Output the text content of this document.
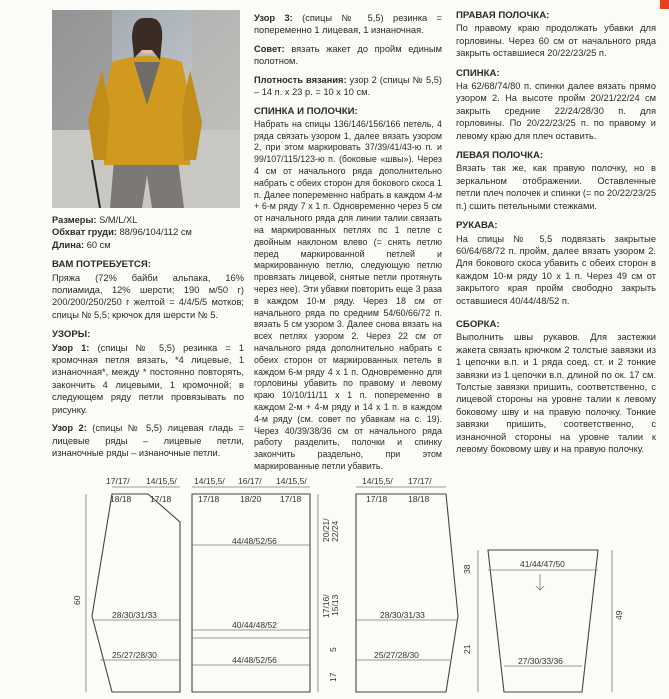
Размеры: S/M/L/XL

Обхват груди: 88/96/104/112 см

Длина: 60 см

ВАМ ПОТРЕБУЕТСЯ:

Пряжа (72% байби альпака, 16% полиамида, 12% шерсти; 190 м/50 г) 200/200/250/250 г желтой = 4/4/5/5 мотков; спицы № 5,5; крючок для шерсти № 5.

УЗОРЫ:

Узор 1: (спицы № 5,5) резинка = 1 кромочная петля вязать, *4 лицевые, 1 изнаночная*, между * постоянно повторять, закончить 4 лицевыми, 1 кромочной; в следующем ряду петли провязывать по рисунку.

Узор 2: (спицы № 5,5) лицевая гладь = лицевые ряды – лицевые петли, изнаночные ряды – изнаночные петли.

Узор 3: (спицы № 5,5) резинка = попеременно 1 лицевая, 1 изнаночная.

Совет: вязать жакет до пройм единым полотном.

Плотность вязания: узор 2 (спицы № 5,5) – 14 п. х 23 р. = 10 х 10 см.

СПИНКА И ПОЛОЧКИ:

Набрать на спицы 136/146/156/166 петель, 4 ряда связать узором 1, далее вязать узором 2, при этом маркировать 37/39/41/43-ю п. и 99/107/115/123-ю п. (боковые «швы»). Через 4 см от начального ряда дополнительно набрать с обеих сторон для бокового скоса 1 п. Далее попеременно набрать в каждом 4-м + 6-м ряду 7 х 1 п. Одновременно через 5 см от начального ряда для линии талии связать на маркированных петлях пс 1 петле с двойным наклоном влево (= снять петлю перед маркированной петлей и маркированную петлю, следующую петлю провязать лицевой, снятые петли протянуть через нее). Эти убавки повторить еще 3 раза в каждом 10-м ряду. Через 18 см от начального ряда по средним 54/60/66/72 п. вязать 5 см узором 3. Далее снова вязать на всех петлях узором 2. Через 22 см от начального ряда дополнительно набрать с обеих сторон от маркированных петель в каждом 6-м ряду 4 х 1 п. Одновременно для горловины убавить по правому и левому краю 10/10/11/11 х 1 п. попеременно в каждом 2-м + 4-м ряду и 14 х 1 п. в каждом 4-м ряду (см. совет по убавкам на с. 19). Через 40/39/38/36 см от начального ряда работу разделить, полочки и спинку закончить раздельно, при этом маркированные петли убавить.

ПРАВАЯ ПОЛОЧКА:

По правому краю продолжать убавки для горловины. Через 60 см от начального ряда закрыть оставшиеся 20/22/23/25 п.

СПИНКА:

На 62/68/74/80 п. спинки далее вязать прямо узором 2. На высоте пройм 20/21/22/24 см закрыть средние 22/24/28/30 п. для горловины. По 20/22/23/25 п. по правому и левому краю для плеч оставить.

ЛЕВАЯ ПОЛОЧКА:

Вязать так же, как правую полочку, но в зеркальном отображении. Оставленные петли плеч полочек и спинки (= по 20/22/23/25 п.) сшить петельными стежками.

РУКАВА:

На спицы № 5,5 подвязать закрытые 60/64/68/72 п. пройм, далее вязать узором 2. Для бокового скоса убавить с обеих сторон в каждом 10-м ряду 10 х 1 п. Через 49 см от закрытого края пройм свободно закрыть оставшиеся 40/44/48/52 п.

СБОРКА:

Выполнить швы рукавов. Для застежки жакета связать крючком 2 толстые завязки из 1 цепочки в.п. и 1 ряда соед. ст. и 2 тонкие завязки из 1 цепочки в.п. длиной по ок. 17 см. Толстые завязки пришить, соответственно, с лицевой стороны на уровне талии к левому боковому шву и на правую полочку. Тонкие завязки пришить, соответственно, с изнаночной стороны на уровне талии к левому боковому шву и на правую полочку.

17/17/
18/18
14/15,5/
17/18
28/30/31/33
25/27/28/30
60
14/15,5/
17/18
16/17/
18/20
14/15,5/
17/18
44/48/52/56
40/44/48/52
44/48/52/56
20/21/ 22/24
17/16/ 15/13
5
17
14/15,5/
17/18
17/17/
18/18
28/30/31/33
25/27/28/30
41/44/47/50
27/30/33/36
38
21
49
